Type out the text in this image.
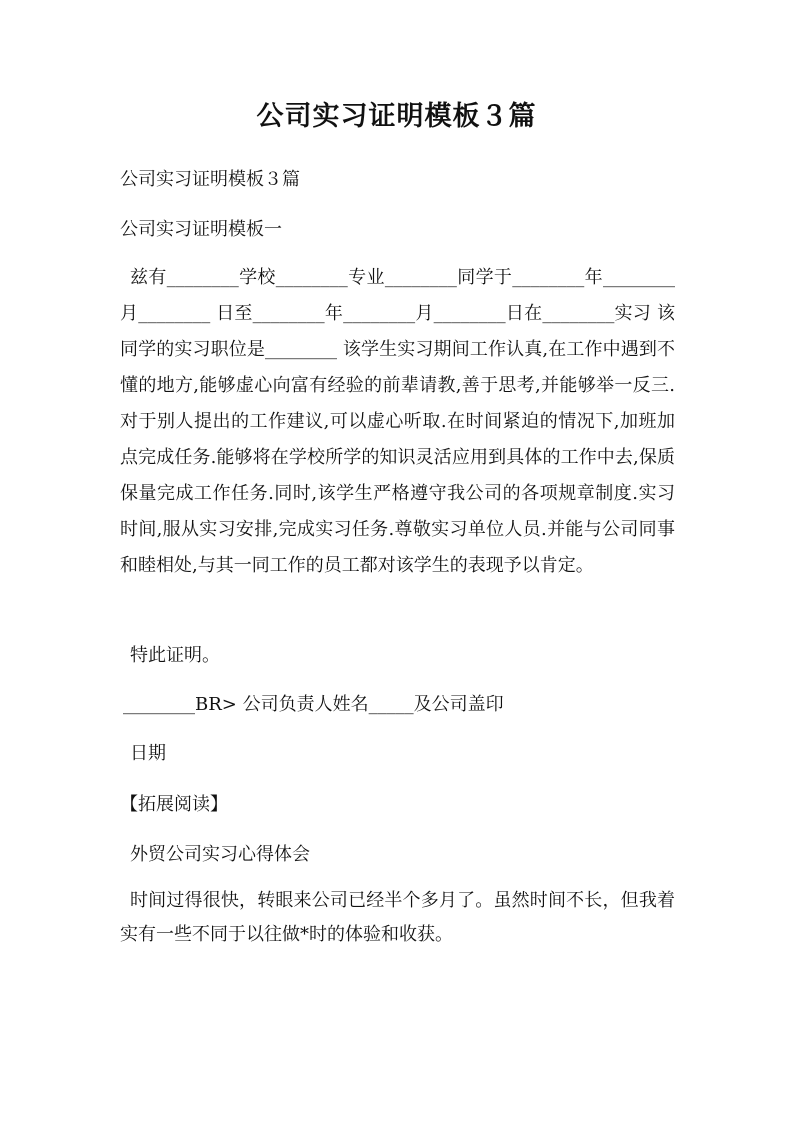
公司实习证明模板３篇

公司实习证明模板３篇

公司实习证明模板一

兹有________学校________专业________同学于________年________月________ 日至________年________月________日在________实习 该同学的实习职位是________ 该学生实习期间工作认真,在工作中遇到不懂的地方,能够虚心向富有经验的前辈请教,善于思考,并能够举一反三.对于别人提出的工作建议,可以虚心听取.在时间紧迫的情况下,加班加点完成任务.能够将在学校所学的知识灵活应用到具体的工作中去,保质保量完成工作任务.同时,该学生严格遵守我公司的各项规章制度.实习时间,服从实习安排,完成实习任务.尊敬实习单位人员.并能与公司同事和睦相处,与其一同工作的员工都对该学生的表现予以肯定。

特此证明。

________BR> 公司负责人姓名_____及公司盖印

日期

【拓展阅读】

外贸公司实习心得体会

时间过得很快，转眼来公司已经半个多月了。虽然时间不长，但我着实有一些不同于以往做*时的体验和收获。
